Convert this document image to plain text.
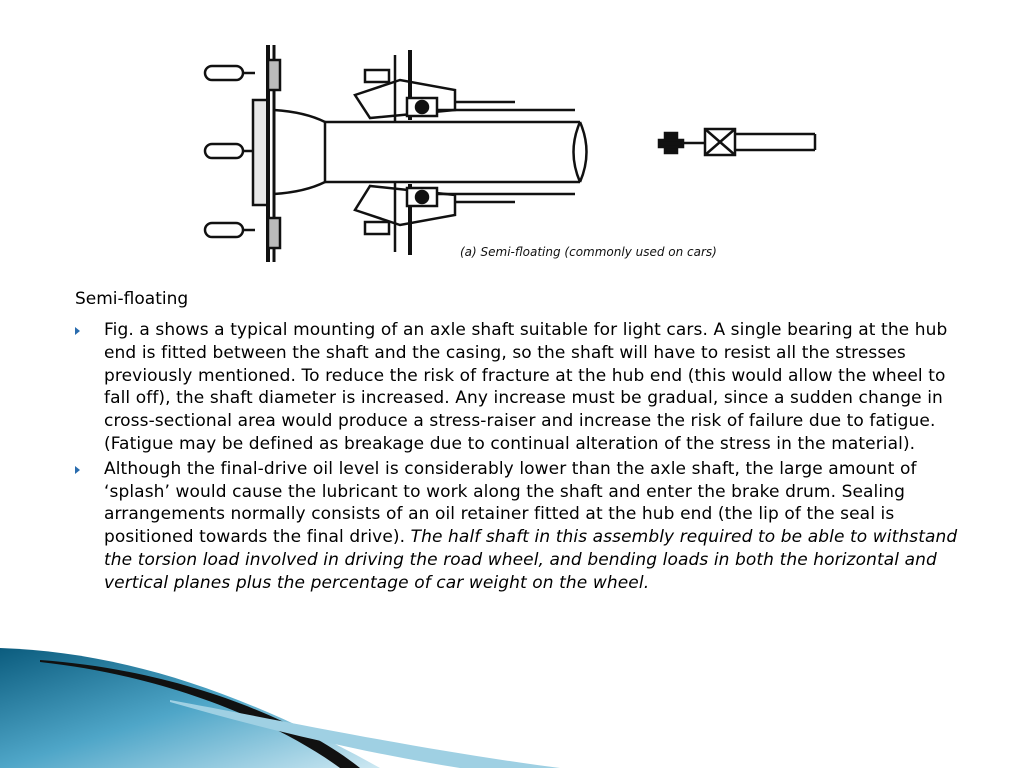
(a) Semi-floating (commonly used on cars)
Semi-floating
Fig. a shows a typical mounting of an axle shaft suitable for light cars. A single bearing at the hub end is fitted between the shaft and the casing, so the shaft will have to resist all the stresses previously mentioned. To reduce the risk of fracture at the hub end (this would allow the wheel to fall off), the shaft diameter is increased. Any increase must be gradual, since a sudden change in cross-sectional area would produce a stress-raiser and increase the risk of failure due to fatigue. (Fatigue may be defined as breakage due to continual alteration of the stress in the material).
Although the final-drive oil level is considerably lower than the axle shaft, the large amount of ‘splash’ would cause the lubricant to work along the shaft and enter the brake drum. Sealing arrangements normally consists of an oil retainer fitted at the hub end (the lip of the seal is positioned towards the final drive). The half shaft in this assembly required to be able to withstand the torsion load involved in driving the road wheel, and bending loads in both the horizontal and vertical planes plus the percentage of car weight on the wheel.
